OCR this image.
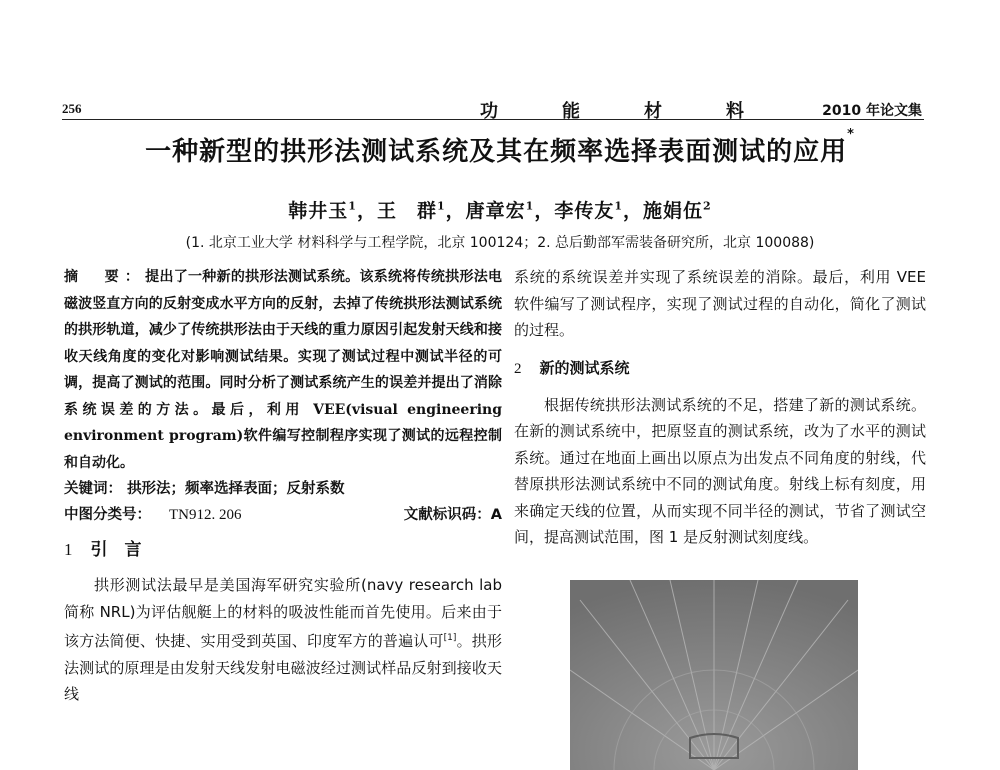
256	功	能	材	料	2010 年论文集
一种新型的拱形法测试系统及其在频率选择表面测试的应用*
韩井玉$^1$，王　群$^1$，唐章宏$^1$，李传友$^1$，施娟伍$^2$
(1. 北京工业大学 材料科学与工程学院，北京 100124；2. 总后勤部军需装备研究所，北京 100088)

摘　要：提出了一种新的拱形法测试系统。该系统将传统拱形法电磁波竖直方向的反射变成水平方向的反射，去掉了传统拱形法测试系统的拱形轨道，减少了传统拱形法由于天线的重力原因引起发射天线和接收天线角度的变化对影响测试结果。实现了测试过程中测试半径的可调，提高了测试的范围。同时分析了测试系统产生的误差并提出了消除系统误差的方法。最后，利用 VEE(visual engineering environment program)软件编写控制程序实现了测试的远程控制和自动化。

关键词： 拱形法；频率选择表面；反射系数
中图分类号： TN912. 206	文献标识码：A
1 引　言

拱形测试法最早是美国海军研究实验所(navy research lab 简称 NRL)为评估舰艇上的材料的吸波性能而首先使用。后来由于该方法简便、快捷、实用受到英国、印度军方的普遍认可[1]。拱形法测试的原理是由发射天线发射电磁波经过测试样品反射到接收天线

系统的系统误差并实现了系统误差的消除。最后，利用 VEE 软件编写了测试程序，实现了测试过程的自动化，简化了测试的过程。

2 新的测试系统

根据传统拱形法测试系统的不足，搭建了新的测试系统。在新的测试系统中，把原竖直的测试系统，改为了水平的测试系统。通过在地面上画出以原点为出发点不同角度的射线，代替原拱形法测试系统中不同的测试角度。射线上标有刻度，用来确定天线的位置，从而实现不同半径的测试，节省了测试空间，提高测试范围，图 1 是反射测试刻度线。
